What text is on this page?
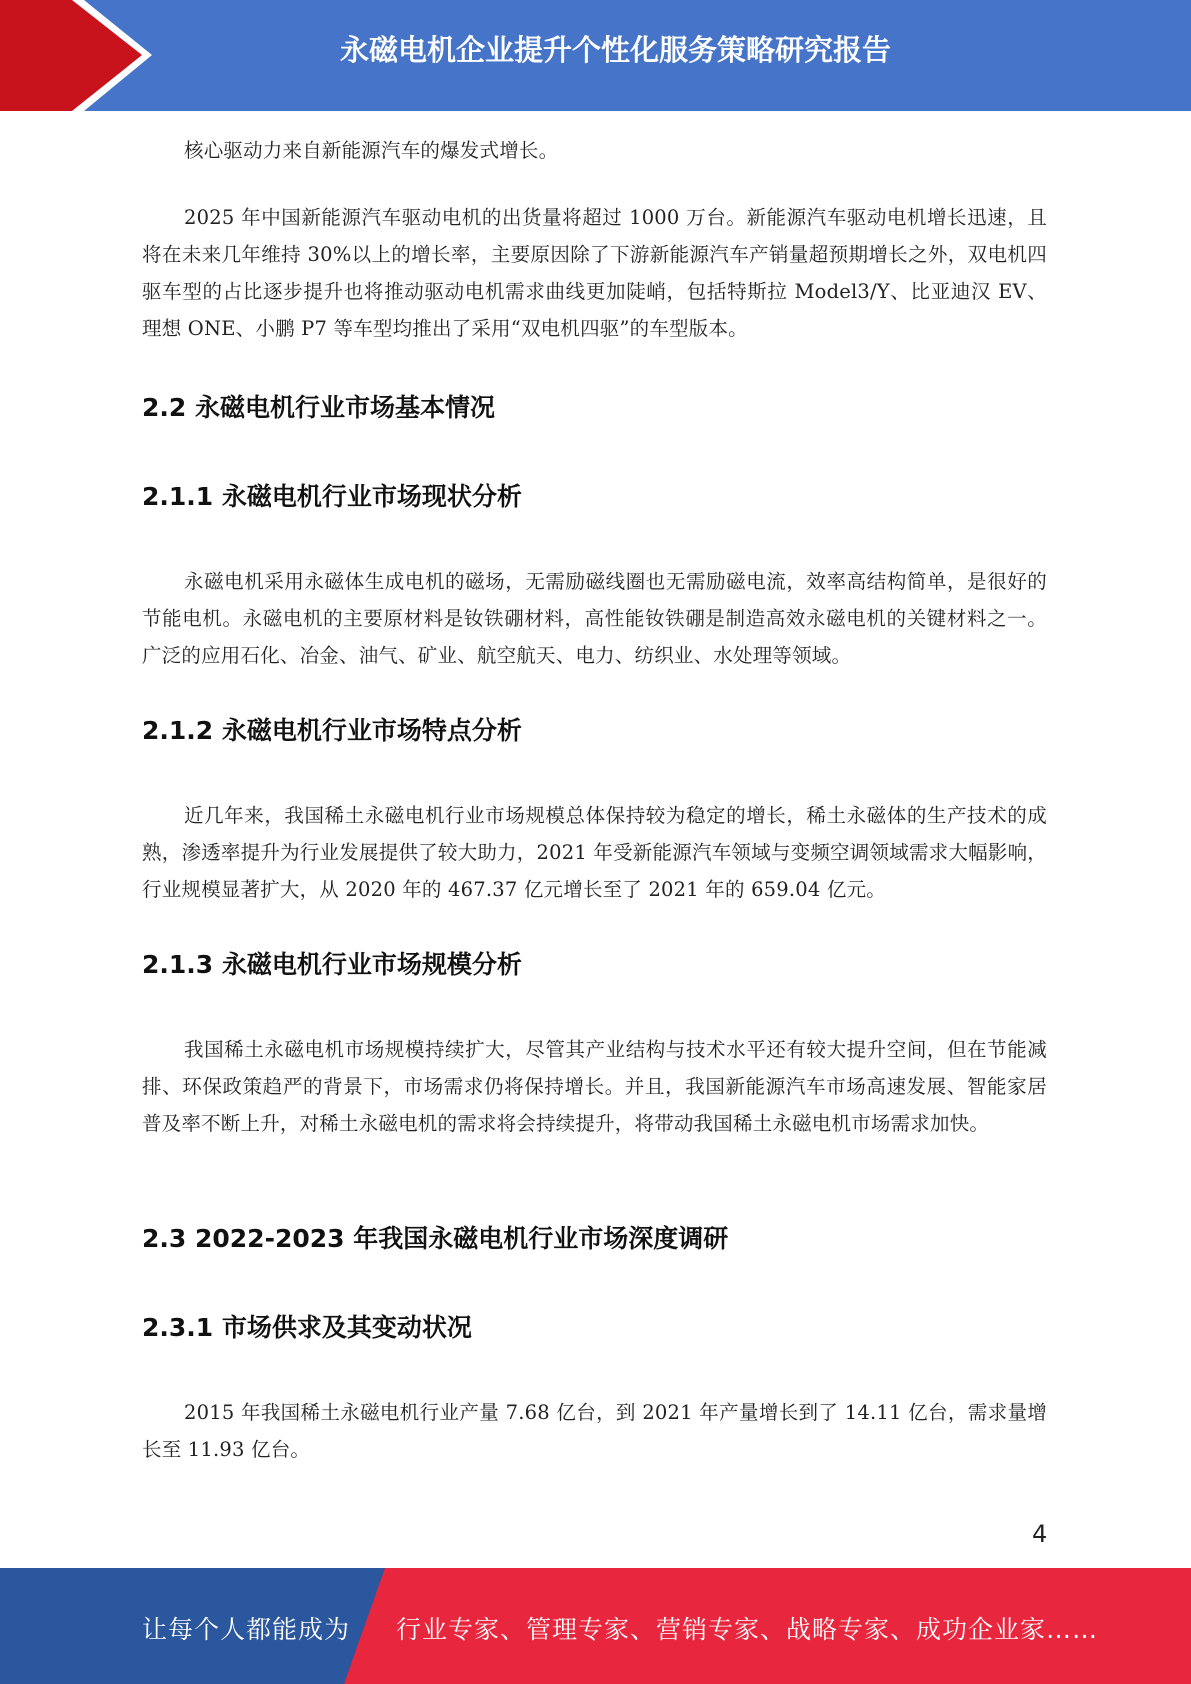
永磁电机企业提升个性化服务策略研究报告

核心驱动力来自新能源汽车的爆发式增长。

2025 年中国新能源汽车驱动电机的出货量将超过 1000 万台。新能源汽车驱动电机增长迅速，且将在未来几年维持 30%以上的增长率，主要原因除了下游新能源汽车产销量超预期增长之外，双电机四驱车型的占比逐步提升也将推动驱动电机需求曲线更加陡峭，包括特斯拉 Model3/Y、比亚迪汉 EV、理想 ONE、小鹏 P7 等车型均推出了采用“双电机四驱”的车型版本。

2.2 永磁电机行业市场基本情况
2.1.1 永磁电机行业市场现状分析

永磁电机采用永磁体生成电机的磁场，无需励磁线圈也无需励磁电流，效率高结构简单，是很好的节能电机。永磁电机的主要原材料是钕铁硼材料，高性能钕铁硼是制造高效永磁电机的关键材料之一。广泛的应用石化、冶金、油气、矿业、航空航天、电力、纺织业、水处理等领域。

2.1.2 永磁电机行业市场特点分析

近几年来，我国稀土永磁电机行业市场规模总体保持较为稳定的增长，稀土永磁体的生产技术的成熟，渗透率提升为行业发展提供了较大助力，2021 年受新能源汽车领域与变频空调领域需求大幅影响，行业规模显著扩大，从 2020 年的 467.37 亿元增长至了 2021 年的 659.04 亿元。

2.1.3 永磁电机行业市场规模分析

我国稀土永磁电机市场规模持续扩大，尽管其产业结构与技术水平还有较大提升空间，但在节能减排、环保政策趋严的背景下，市场需求仍将保持增长。并且，我国新能源汽车市场高速发展、智能家居普及率不断上升，对稀土永磁电机的需求将会持续提升，将带动我国稀土永磁电机市场需求加快。

2.3 2022-2023 年我国永磁电机行业市场深度调研
2.3.1 市场供求及其变动状况

2015 年我国稀土永磁电机行业产量 7.68 亿台，到 2021 年产量增长到了 14.11 亿台，需求量增长至 11.93 亿台。

4
让每个人都能成为 行业专家、管理专家、营销专家、战略专家、成功企业家……
